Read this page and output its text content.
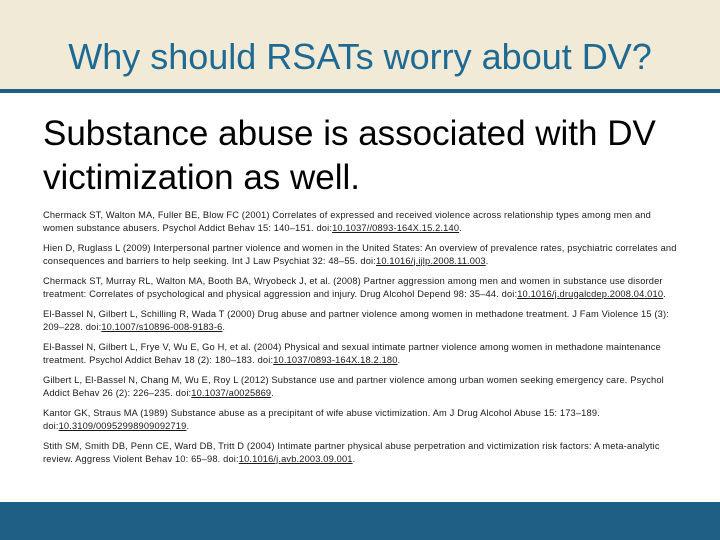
Why should RSATs worry about DV?
Substance abuse is associated with DV victimization as well.
Chermack ST, Walton MA, Fuller BE, Blow FC (2001) Correlates of expressed and received violence across relationship types among men and women substance abusers. Psychol Addict Behav 15: 140–151. doi:10.1037//0893-164X.15.2.140.
Hien D, Ruglass L (2009) Interpersonal partner violence and women in the United States: An overview of prevalence rates, psychiatric correlates and consequences and barriers to help seeking. Int J Law Psychiat 32: 48–55. doi:10.1016/j.ijlp.2008.11.003.
Chermack ST, Murray RL, Walton MA, Booth BA, Wryobeck J, et al. (2008) Partner aggression among men and women in substance use disorder treatment: Correlates of psychological and physical aggression and injury. Drug Alcohol Depend 98: 35–44. doi:10.1016/j.drugalcdep.2008.04.010.
El-Bassel N, Gilbert L, Schilling R, Wada T (2000) Drug abuse and partner violence among women in methadone treatment. J Fam Violence 15 (3): 209–228. doi:10.1007/s10896-008-9183-6.
El-Bassel N, Gilbert L, Frye V, Wu E, Go H, et al. (2004) Physical and sexual intimate partner violence among women in methadone maintenance treatment. Psychol Addict Behav 18 (2): 180–183. doi:10.1037/0893-164X.18.2.180.
Gilbert L, El-Bassel N, Chang M, Wu E, Roy L (2012) Substance use and partner violence among urban women seeking emergency care. Psychol Addict Behav 26 (2): 226–235. doi:10.1037/a0025869.
Kantor GK, Straus MA (1989) Substance abuse as a precipitant of wife abuse victimization. Am J Drug Alcohol Abuse 15: 173–189. doi:10.3109/00952998909092719.
Stith SM, Smith DB, Penn CE, Ward DB, Tritt D (2004) Intimate partner physical abuse perpetration and victimization risk factors: A meta-analytic review. Aggress Violent Behav 10: 65–98. doi:10.1016/j.avb.2003.09.001.
4
